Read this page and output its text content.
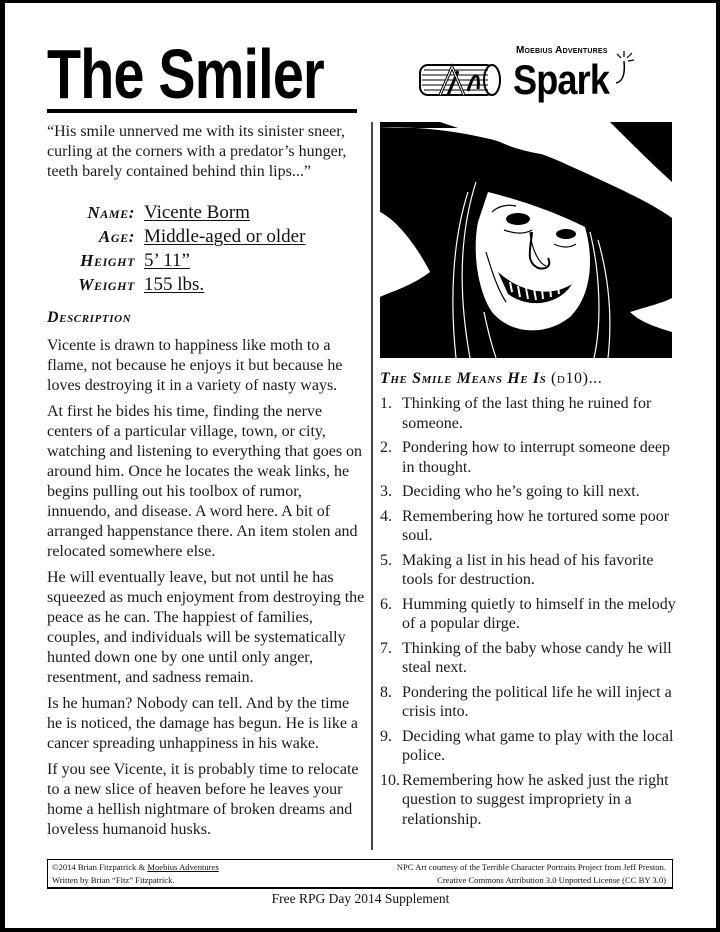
The Smiler	Moebius Adventures
Spark

“His smile unnerved me with its sinister sneer, curling at the corners with a predator’s hunger, teeth barely contained behind thin lips...”

Name: Vicente Borm
Age: Middle-aged or older
Height 5’ 11”
Weight 155 lbs.
Description

Vicente is drawn to happiness like moth to a flame, not because he enjoys it but because he loves destroying it in a variety of nasty ways.

At first he bides his time, finding the nerve centers of a particular village, town, or city, watching and listening to everything that goes on around him. Once he locates the weak links, he begins pulling out his toolbox of rumor, innuendo, and disease. A word here. A bit of arranged happenstance there. An item stolen and relocated somewhere else.

He will eventually leave, but not until he has squeezed as much enjoyment from destroying the peace as he can. The happiest of families, couples, and individuals will be systematically hunted down one by one until only anger, resentment, and sadness remain.

Is he human? Nobody can tell. And by the time he is noticed, the damage has begun. He is like a cancer spreading unhappiness in his wake.

If you see Vicente, it is probably time to relocate to a new slice of heaven before he leaves your home a hellish nightmare of broken dreams and loveless humanoid husks.

The Smile Means He Is (d10)...
1. Thinking of the last thing he ruined for someone.
2. Pondering how to interrupt someone deep in thought.
3. Deciding who he’s going to kill next.
4. Remembering how he tortured some poor soul.
5. Making a list in his head of his favorite tools for destruction.
6. Humming quietly to himself in the melody of a popular dirge.
7. Thinking of the baby whose candy he will steal next.
8. Pondering the political life he will inject a crisis into.
9. Deciding what game to play with the local police.
10. Remembering how he asked just the right question to suggest impropriety in a relationship.
©2014 Brian Fitzpatrick & Moebius Adventures
Written by Brian “Fitz” Fitzpatrick.
NPC Art courtesy of the Terrible Character Portraits Project from Jeff Preston.
Creative Commons Attribution 3.0 Unported License (CC BY 3.0)
Free RPG Day 2014 Supplement
